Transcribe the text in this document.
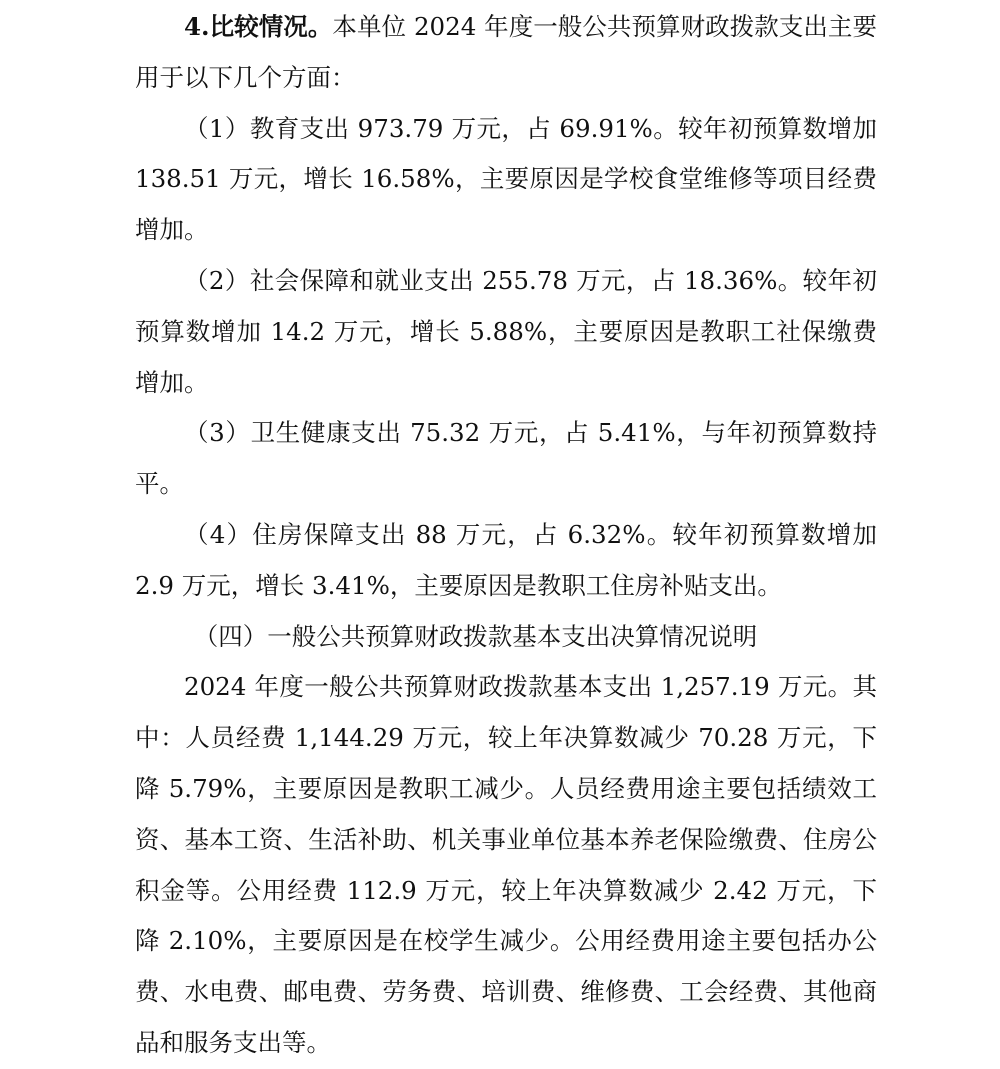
4.比较情况。本单位 2024 年度一般公共预算财政拨款支出主要用于以下几个方面：

（1）教育支出 973.79 万元，占 69.91%。较年初预算数增加 138.51 万元，增长 16.58%，主要原因是学校食堂维修等项目经费增加。

（2）社会保障和就业支出 255.78 万元，占 18.36%。较年初预算数增加 14.2 万元，增长 5.88%，主要原因是教职工社保缴费增加。

（3）卫生健康支出 75.32 万元，占 5.41%，与年初预算数持平。

（4）住房保障支出 88 万元，占 6.32%。较年初预算数增加 2.9 万元，增长 3.41%，主要原因是教职工住房补贴支出。

（四）一般公共预算财政拨款基本支出决算情况说明

2024 年度一般公共预算财政拨款基本支出 1,257.19 万元。其中：人员经费 1,144.29 万元，较上年决算数减少 70.28 万元，下降 5.79%，主要原因是教职工减少。人员经费用途主要包括绩效工资、基本工资、生活补助、机关事业单位基本养老保险缴费、住房公积金等。公用经费 112.9 万元，较上年决算数减少 2.42 万元，下降 2.10%，主要原因是在校学生减少。公用经费用途主要包括办公费、水电费、邮电费、劳务费、培训费、维修费、工会经费、其他商品和服务支出等。
